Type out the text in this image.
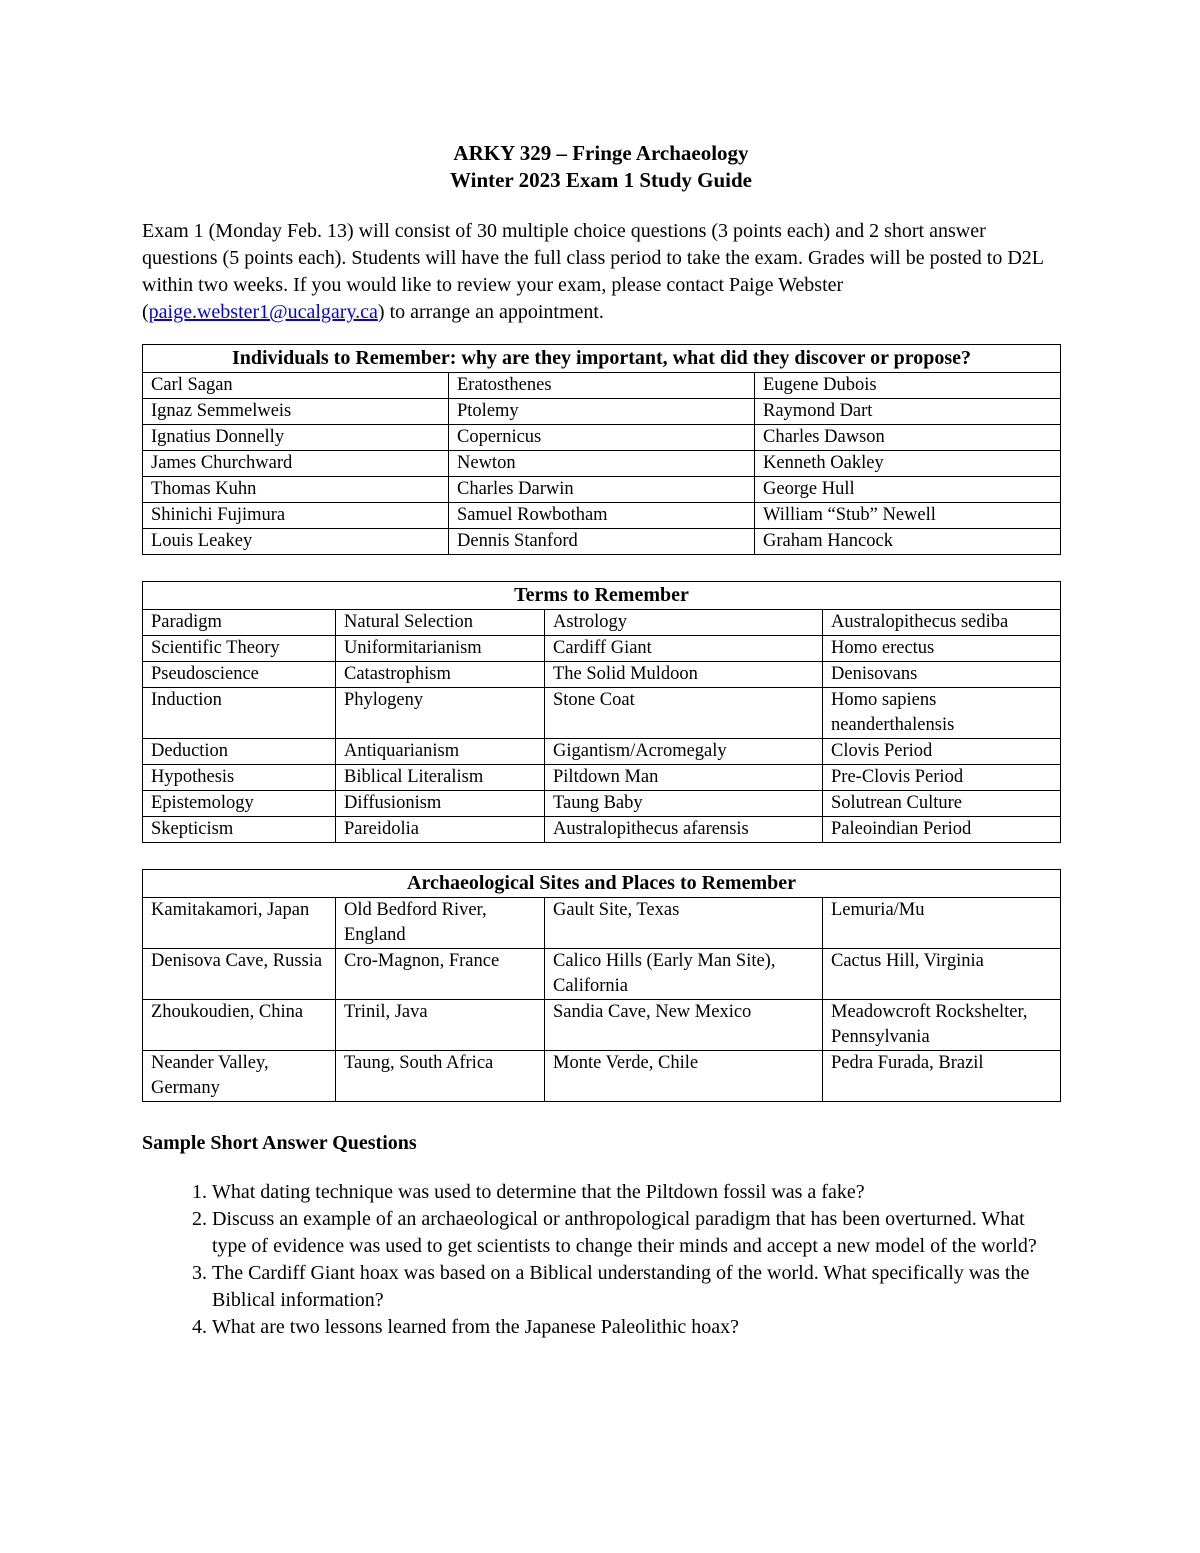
ARKY 329 – Fringe Archaeology

Winter 2023 Exam 1 Study Guide

Exam 1 (Monday Feb. 13) will consist of 30 multiple choice questions (3 points each) and 2 short answer questions (5 points each). Students will have the full class period to take the exam. Grades will be posted to D2L within two weeks. If you would like to review your exam, please contact Paige Webster (paige.webster1@ucalgary.ca) to arrange an appointment.

Individuals to Remember: why are they important, what did they discover or propose?		
Carl Sagan	Eratosthenes	Eugene Dubois
Ignaz Semmelweis	Ptolemy	Raymond Dart
Ignatius Donnelly	Copernicus	Charles Dawson
James Churchward	Newton	Kenneth Oakley
Thomas Kuhn	Charles Darwin	George Hull
Shinichi Fujimura	Samuel Rowbotham	William “Stub” Newell
Louis Leakey	Dennis Stanford	Graham Hancock
Terms to Remember			
Paradigm	Natural Selection	Astrology	Australopithecus sediba
Scientific Theory	Uniformitarianism	Cardiff Giant	Homo erectus
Pseudoscience	Catastrophism	The Solid Muldoon	Denisovans
Induction	Phylogeny	Stone Coat	Homo sapiens neanderthalensis
Deduction	Antiquarianism	Gigantism/Acromegaly	Clovis Period
Hypothesis	Biblical Literalism	Piltdown Man	Pre-Clovis Period
Epistemology	Diffusionism	Taung Baby	Solutrean Culture
Skepticism	Pareidolia	Australopithecus afarensis	Paleoindian Period
Archaeological Sites and Places to Remember			
Kamitakamori, Japan	Old Bedford River, England	Gault Site, Texas	Lemuria/Mu
Denisova Cave, Russia	Cro-Magnon, France	Calico Hills (Early Man Site), California	Cactus Hill, Virginia
Zhoukoudien, China	Trinil, Java	Sandia Cave, New Mexico	Meadowcroft Rockshelter, Pennsylvania
Neander Valley, Germany	Taung, South Africa	Monte Verde, Chile	Pedra Furada, Brazil

Sample Short Answer Questions

1. What dating technique was used to determine that the Piltdown fossil was a fake?
2. Discuss an example of an archaeological or anthropological paradigm that has been overturned. What type of evidence was used to get scientists to change their minds and accept a new model of the world?
3. The Cardiff Giant hoax was based on a Biblical understanding of the world. What specifically was the Biblical information?
4. What are two lessons learned from the Japanese Paleolithic hoax?
